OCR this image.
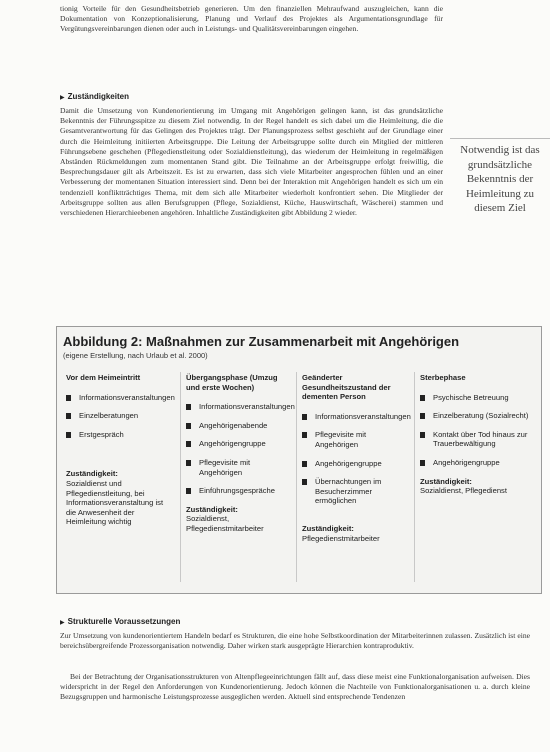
tionig Vorteile für den Gesundheitsbetrieb generieren. Um den finanziellen Mehraufwand auszugleichen, kann die Dokumentation von Konzeptionalisierung, Planung und Verlauf des Projektes als Argumentationsgrundlage für Vergütungsvereinbarungen dienen oder auch in Leistungs- und Qualitätsvereinbarungen eingehen.
▶ Zuständigkeiten
Damit die Umsetzung von Kundenorientierung im Umgang mit Angehörigen gelingen kann, ist das grundsätzliche Bekenntnis der Führungsspitze zu diesem Ziel notwendig. In der Regel handelt es sich dabei um die Heimleitung, die die Gesamtverantwortung für das Gelingen des Projektes trägt. Der Planungsprozess selbst geschieht auf der Grundlage einer durch die Heimleitung initiierten Arbeitsgruppe. Die Leitung der Arbeitsgruppe sollte durch ein Mitglied der mittleren Führungsebene geschehen (Pflegedienstleitung oder Sozialdienstleitung), das wiederum der Heimleitung in regelmäßigen Abständen Rückmeldungen zum momentanen Stand gibt. Die Teilnahme an der Arbeitsgruppe erfolgt freiwillig, die Besprechungsdauer gilt als Arbeitszeit. Es ist zu erwarten, dass sich viele Mitarbeiter angesprochen fühlen und an einer Verbesserung der momentanen Situation interessiert sind. Denn bei der Interaktion mit Angehörigen handelt es sich um ein tendenziell konfliktträchtiges Thema, mit dem sich alle Mitarbeiter wiederholt konfrontiert sehen. Die Mitglieder der Arbeitsgruppe sollten aus allen Berufsgruppen (Pflege, Sozialdienst, Küche, Hauswirtschaft, Wäscherei) stammen und verschiedenen Hierarchieebenen angehören. Inhaltliche Zuständigkeiten gibt Abbildung 2 wieder.
Notwendig ist das grundsätzliche Bekenntnis der Heimleitung zu diesem Ziel
Abbildung 2: Maßnahmen zur Zusammenarbeit mit Angehörigen
(eigene Erstellung, nach Urlaub et al. 2000)
Vor dem Heimeintritt
Informationsveranstaltungen
Einzelberatungen
Erstgespräch
Zuständigkeit:
Sozialdienst und Pflegedienstleitung, bei Informationsveranstaltung ist die Anwesenheit der Heimleitung wichtig
Übergangsphase (Umzug und erste Wochen)
Informationsveranstaltungen
Angehörigenabende
Angehörigengruppe
Pflegevisite mit Angehörigen
Einführungsgespräche
Zuständigkeit:
Sozialdienst, Pflegedienstmitarbeiter
Geänderter Gesundheitszustand der dementen Person
Informationsveranstaltungen
Pflegevisite mit Angehörigen
Angehörigengruppe
Übernachtungen im Besucherzimmer ermöglichen
Zuständigkeit:
Pflegedienstmitarbeiter
Sterbephase
Psychische Betreuung
Einzelberatung (Sozialrecht)
Kontakt über Tod hinaus zur Trauerbewältigung
Angehörigengruppe
Zuständigkeit:
Sozialdienst, Pflegedienst
▶ Strukturelle Voraussetzungen
Zur Umsetzung von kundenorientiertem Handeln bedarf es Strukturen, die eine hohe Selbstkoordination der Mitarbeiterinnen zulassen. Zusätzlich ist eine bereichsübergreifende Prozessorganisation notwendig. Daher wirken stark ausgeprägte Hierarchien kontraproduktiv.
Bei der Betrachtung der Organisationsstrukturen von Altenpflegeeinrichtungen fällt auf, dass diese meist eine Funktionalorganisation aufweisen. Dies widerspricht in der Regel den Anforderungen von Kundenorientierung. Jedoch können die Nachteile von Funktionalorganisationen u. a. durch kleine Bezugsgruppen und harmonische Leistungsprozesse ausgeglichen werden. Aktuell sind entsprechende Tendenzen
